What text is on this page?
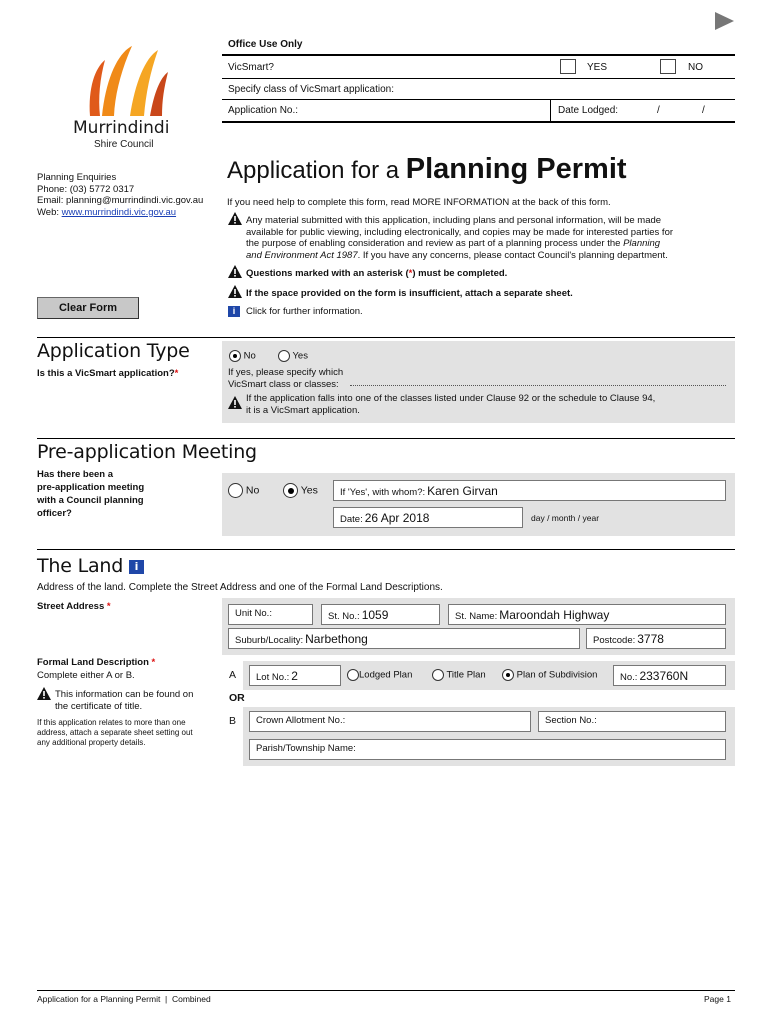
Murrindindi
Shire Council
Office Use Only
VicSmart?	YES	NO
Specify class of VicSmart application:
Application No.:	Date Lodged:	/	/
Planning Enquiries
Phone: (03) 5772 0317
Email: planning@murrindindi.vic.gov.au
Web: www.murrindindi.vic.gov.au
Application for a Planning Permit
If you need help to complete this form, read MORE INFORMATION at the back of this form.
Any material submitted with this application, including plans and personal information, will be made
available for public viewing, including electronically, and copies may be made for interested parties for
the purpose of enabling consideration and review as part of a planning process under the Planning
and Environment Act 1987. If you have any concerns, please contact Council's planning department.
Questions marked with an asterisk (*) must be completed.
If the space provided on the form is insufficient, attach a separate sheet.
Clear Form	i	Click for further information.
Application Type
Is this a VicSmart application?*
No	Yes
If yes, please specify which
VicSmart class or classes:
If the application falls into one of the classes listed under Clause 92 or the schedule to Clause 94,
it is a VicSmart application.
Pre-application Meeting
Has there been a
pre-application meeting
with a Council planning
officer?
No	Yes	If 'Yes', with whom?: Karen Girvan
Date: 26 Apr 2018	day / month / year
The Land i
Address of the land. Complete the Street Address and one of the Formal Land Descriptions.
Street Address *
Unit No.:	St. No.: 1059	St. Name: Maroondah Highway
Suburb/Locality: Narbethong	Postcode: 3778
Formal Land Description *
Complete either A or B.
This information can be found on
the certificate of title.
If this application relates to more than one
address, attach a separate sheet setting out
any additional property details.
A	Lot No.: 2	Lodged Plan	Title Plan	Plan of Subdivision	No.: 233760N
OR
B	Crown Allotment No.:	Section No.:
Parish/Township Name:
Application for a Planning Permit  |  Combined	Page 1
